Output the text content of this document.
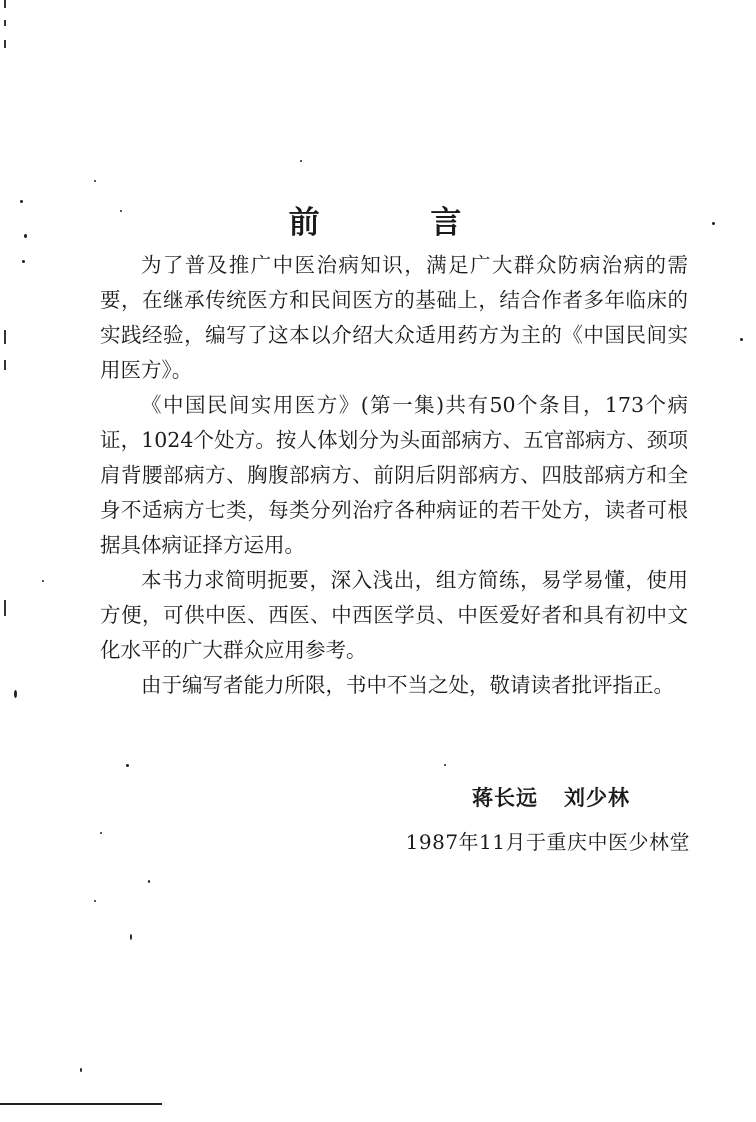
前 言

为了普及推广中医治病知识，满足广大群众防病治病的需要，在继承传统医方和民间医方的基础上，结合作者多年临床的实践经验，编写了这本以介绍大众适用药方为主的《中国民间实用医方》。

《中国民间实用医方》(第一集)共有50个条目，173个病证，1024个处方。按人体划分为头面部病方、五官部病方、颈项肩背腰部病方、胸腹部病方、前阴后阴部病方、四肢部病方和全身不适病方七类，每类分列治疗各种病证的若干处方，读者可根据具体病证择方运用。

本书力求简明扼要，深入浅出，组方简练，易学易懂，使用方便，可供中医、西医、中西医学员、中医爱好者和具有初中文化水平的广大群众应用参考。

由于编写者能力所限，书中不当之处，敬请读者批评指正。

蒋长远 刘少林
1987年11月于重庆中医少林堂
